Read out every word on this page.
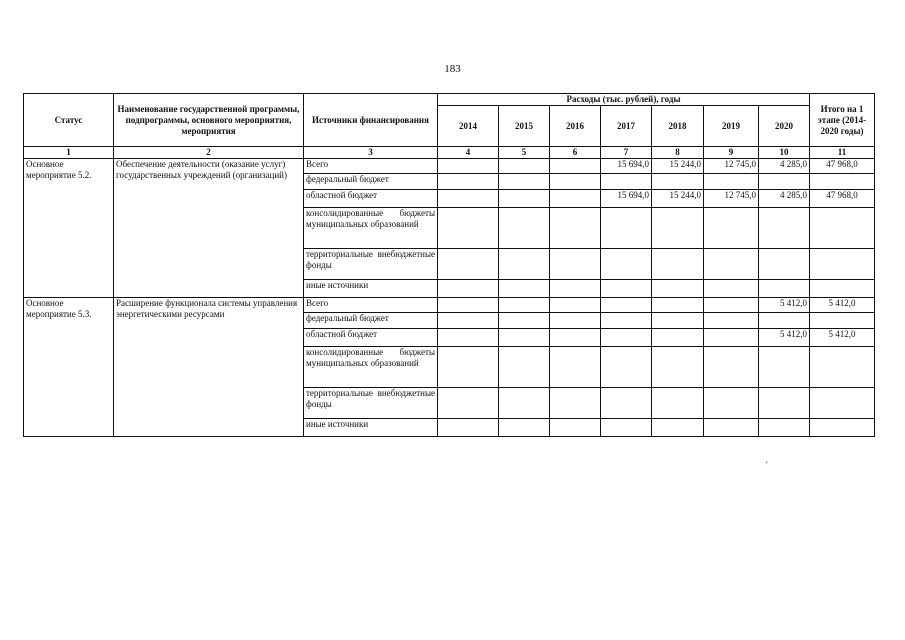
183
Статус	Наименование государственной программы, подпрограммы, основного мероприятия, мероприятия	Источники финансирования	Расходы (тыс. рублей), годы							Итого на 1 этапе (2014-2020 годы)
			2014	2015	2016	2017	2018	2019	2020	
1	2	3	4	5	6	7	8	9	10	11
Основное мероприятие 5.2.	Обеспечение деятельности (оказание услуг) государственных учреждений (организаций)	Всего				15 694,0	15 244,0	12 745,0	4 285,0	47 968,0
		федеральный бюджет								
		областной бюджет				15 694,0	15 244,0	12 745,0	4 285,0	47 968,0
		консолидированные бюджеты муниципальных образований								
		территориальные внебюджетные фонды								
		иные источники								
Основное мероприятие 5.3.	Расширение функционала системы управления энергетическими ресурсами	Всего							5 412,0	5 412,0
		федеральный бюджет								
		областной бюджет							5 412,0	5 412,0
		консолидированные бюджеты муниципальных образований								
		территориальные внебюджетные фонды								
		иные источники								
′
